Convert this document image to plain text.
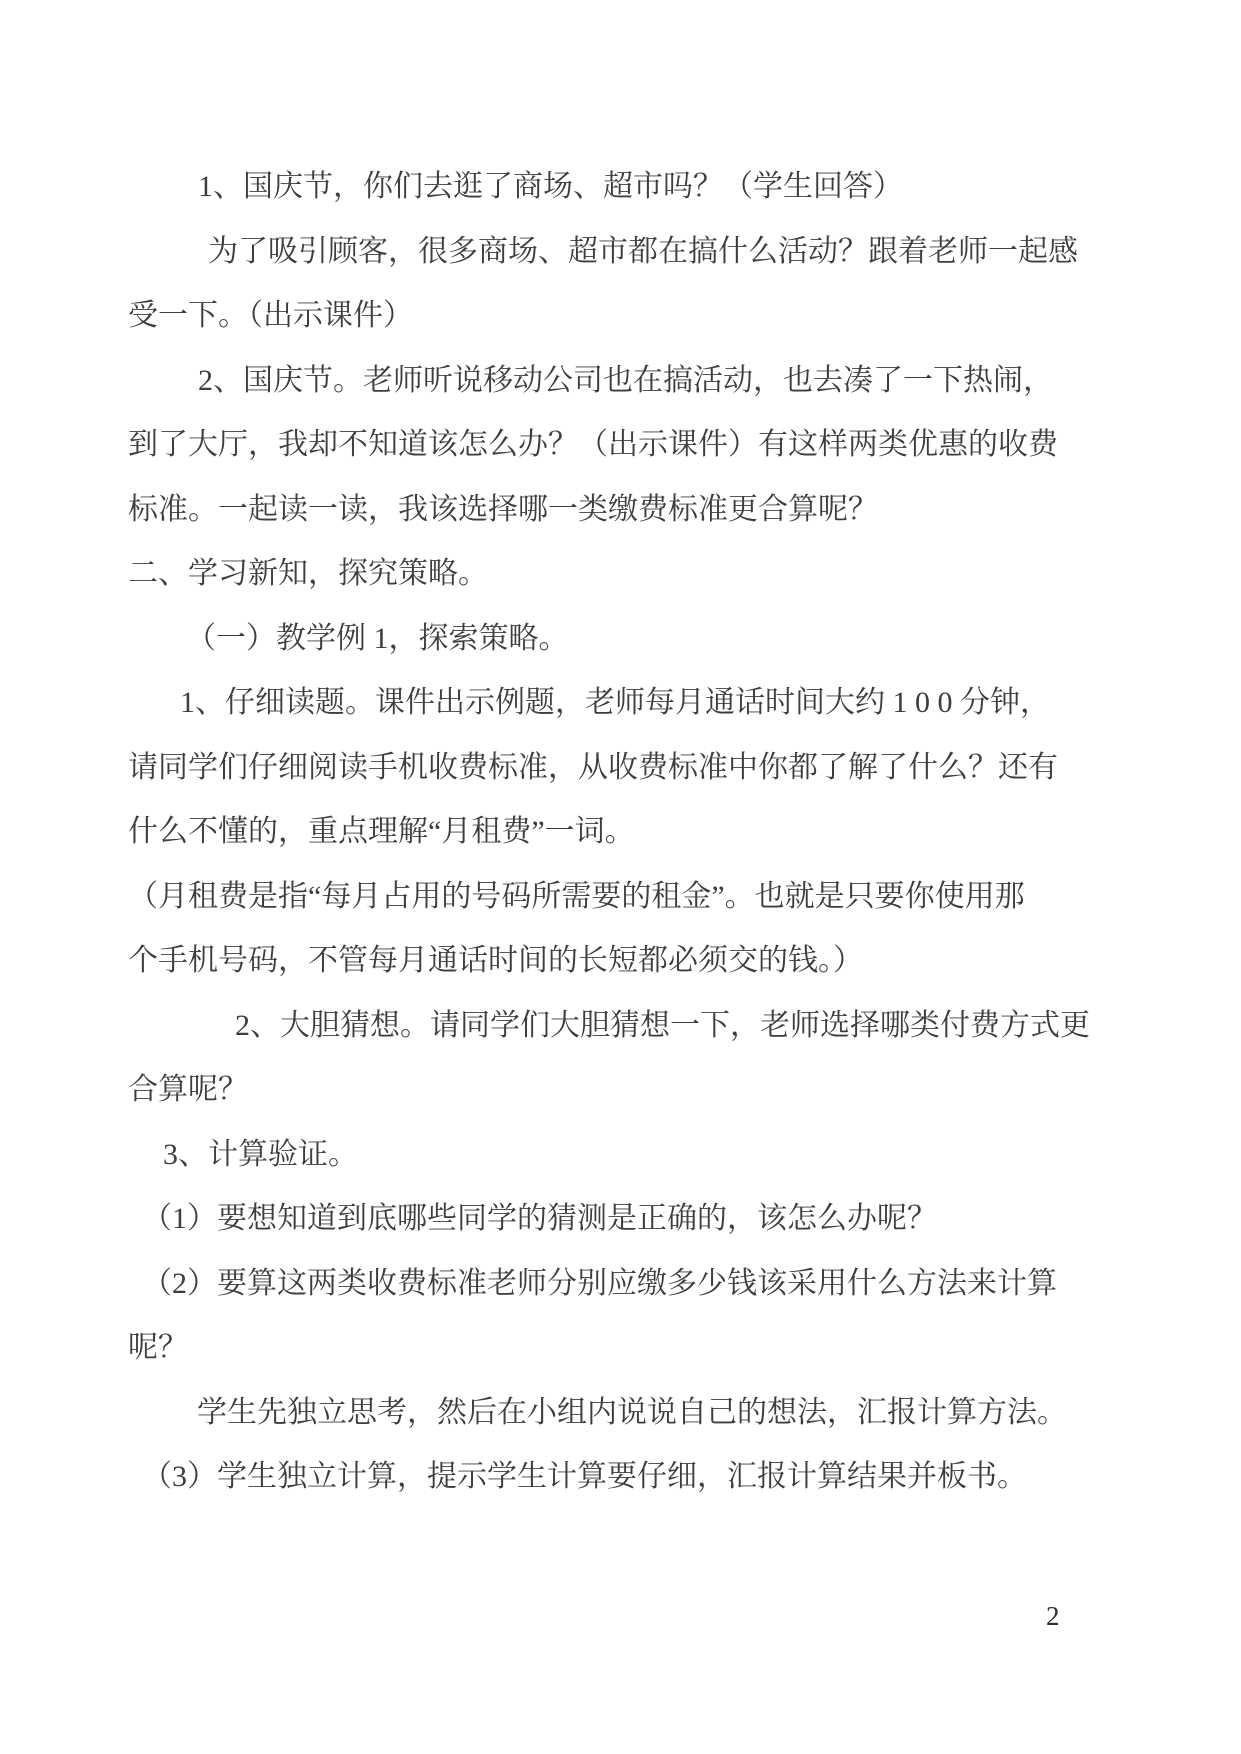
1、国庆节，你们去逛了商场、超市吗？（学生回答）
为了吸引顾客，很多商场、超市都在搞什么活动？跟着老师一起感
受一下。（出示课件）
2、国庆节。老师听说移动公司也在搞活动，也去凑了一下热闹，
到了大厅，我却不知道该怎么办？（出示课件）有这样两类优惠的收费
标准。一起读一读，我该选择哪一类缴费标准更合算呢？
二、学习新知，探究策略。
（一）教学例 1，探索策略。
1、仔细读题。课件出示例题，老师每月通话时间大约 1 0 0 分钟，
请同学们仔细阅读手机收费标准，从收费标准中你都了解了什么？还有
什么不懂的，重点理解“月租费”一词。
（月租费是指“每月占用的号码所需要的租金”。也就是只要你使用那
个手机号码，不管每月通话时间的长短都必须交的钱。）
2、大胆猜想。请同学们大胆猜想一下，老师选择哪类付费方式更
合算呢？
3、计算验证。
（1）要想知道到底哪些同学的猜测是正确的，该怎么办呢？
（2）要算这两类收费标准老师分别应缴多少钱该采用什么方法来计算
呢？
学生先独立思考，然后在小组内说说自己的想法，汇报计算方法。
（3）学生独立计算，提示学生计算要仔细，汇报计算结果并板书。
2
